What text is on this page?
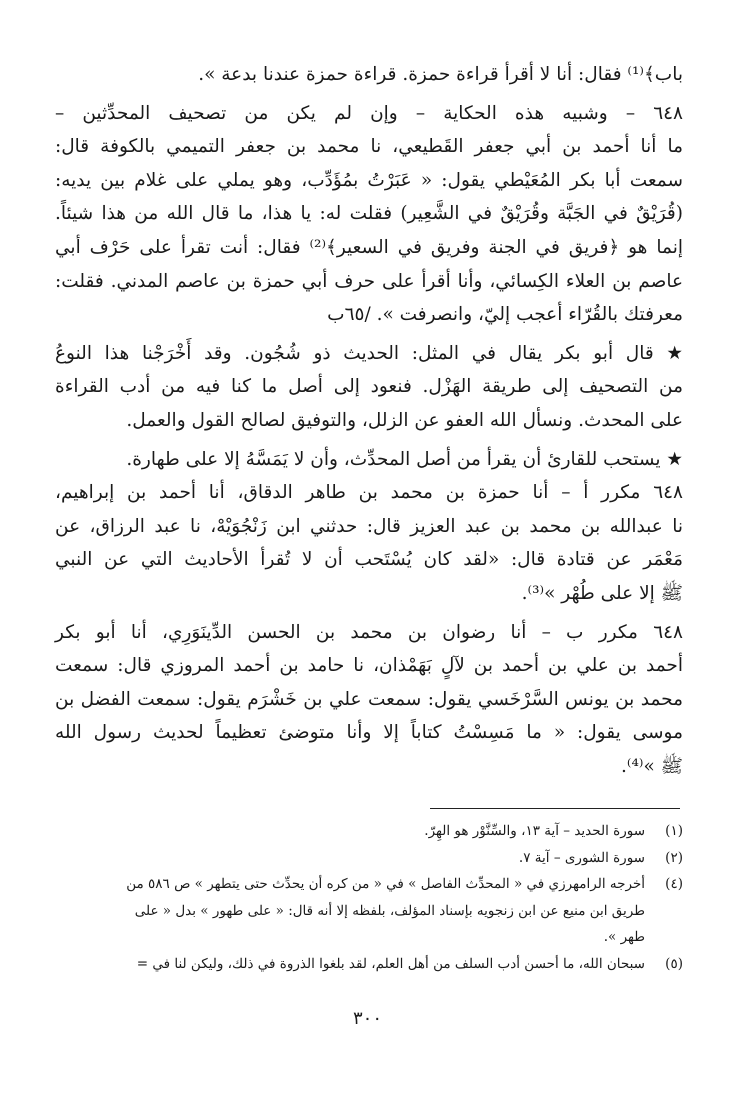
باب﴾⁽¹⁾ فقال: أنا لا أقرأ قراءة حمزة. قراءة حمزة عندنا بدعة ».

٦٤٨ – وشبيه هذه الحكاية – وإن لم يكن من تصحيف المحدِّثين –
ما أنا أحمد بن أبي جعفر القَطيعي، نا محمد بن جعفر التميمي بالكوفة قال:
سمعت أبا بكر المُعَيْطي يقول: « عَبَرْتُ بمُؤَدِّب، وهو يملي على غلام بين يديه:
(قُرَيْقٌ في الجَبَّة وقُرَيْقٌ في الشَّعِير) فقلت له: يا هذا، ما قال الله من هذا شيئاً.
إنما هو ﴿فريق في الجنة وفريق في السعير﴾⁽²⁾ فقال: أنت تقرأ على حَرْف أبي
عاصم بن العلاء الكِسائي، وأنا أقرأ على حرف أبي حمزة بن عاصم المدني. فقلت:
معرفتك بالقُرّاء أعجب إليّ، وانصرفت ». /٦٥ب

★ قال أبو بكر يقال في المثل: الحديث ذو شُجُون. وقد أَخْرَجْنا هذا النوعُ
من التصحيف إلى طريقة الهَزْل. فنعود إلى أصل ما كنا فيه من أدب القراءة
على المحدث. ونسأل الله العفو عن الزلل، والتوفيق لصالح القول والعمل.

★ يستحب للقارئ أن يقرأ من أصل المحدِّث، وأن لا يَمَسَّهُ إلا على طهارة.

٦٤٨ مكرر أ – أنا حمزة بن محمد بن طاهر الدقاق، أنا أحمد بن إبراهيم،
نا عبدالله بن محمد بن عبد العزيز قال: حدثني ابن زَنْجُوَيْهْ، نا عبد الرزاق، عن
مَعْمَر عن قتادة قال: «لقد كان يُسْتَحب أن لا تُقرأ الأحاديث التي عن النبي
ﷺ إلا على طُهْر »⁽³⁾.

٦٤٨ مكرر ب – أنا رضوان بن محمد بن الحسن الدِّينَوَرِي، أنا أبو بكر
أحمد بن علي بن أحمد بن لآلٍ بَهَمْذان، نا حامد بن أحمد المروزي قال: سمعت
محمد بن يونس السَّرْخَسي يقول: سمعت علي بن خَشْرَم يقول: سمعت الفضل بن
موسى يقول: « ما مَسِسْتُ كتاباً إلا وأنا متوضئ تعظيماً لحديث رسول الله
ﷺ »⁽⁴⁾.

(١)
سورة الحديد – آية ١٣، والسِّنَّوْر هو الهِرّ.
(٢)
سورة الشورى – آية ٧.
(٤)
أخرجه الرامهرزي في « المحدِّث الفاصل » في « من كره أن يحدِّث حتى يتطهر » ص ٥٨٦ من
طريق ابن منيع عن ابن زنجويه بإسناد المؤلف، بلفظه إلا أنه قال: « على طهور » بدل « على
طهر ».
(٥)
سبحان الله، ما أحسن أدب السلف من أهل العلم، لقد بلغوا الذروة في ذلك، وليكن لنا في =
٣٠٠
